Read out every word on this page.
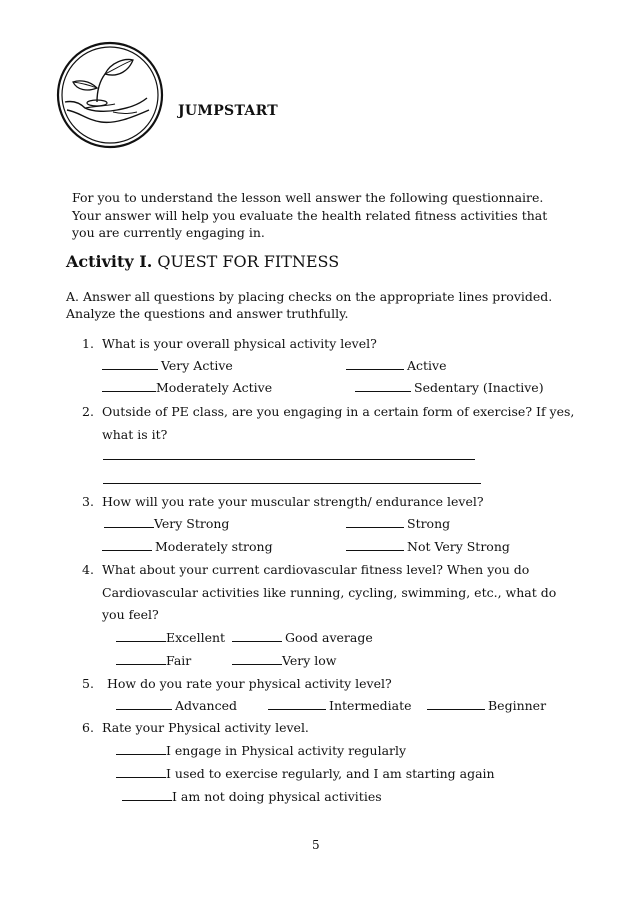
JUMPSTART
For you to understand the lesson well answer the following questionnaire.
Your answer will help you evaluate the health related fitness activities that
you are currently engaging in.
Activity I. QUEST FOR FITNESS
A. Answer all questions by placing checks on the appropriate lines provided.
Analyze the questions and answer truthfully.
1. What is your overall physical activity level?
Very Active	Active
Moderately Active	Sedentary (Inactive)
2. Outside of PE class, are you engaging in a certain form of exercise? If yes,
what is it?
3. How will you rate your muscular strength/ endurance level?
Very Strong	Strong
Moderately strong	Not Very Strong
4. What about your current cardiovascular fitness level? When you do
Cardiovascular activities like running, cycling, swimming, etc., what do
you feel?
Excellent	Good average
Fair	Very low
5. How do you rate your physical activity level?
Advanced	Intermediate	Beginner
6. Rate your Physical activity level.
I engage in Physical activity regularly
I used to exercise regularly, and I am starting again
I am not doing physical activities
5
